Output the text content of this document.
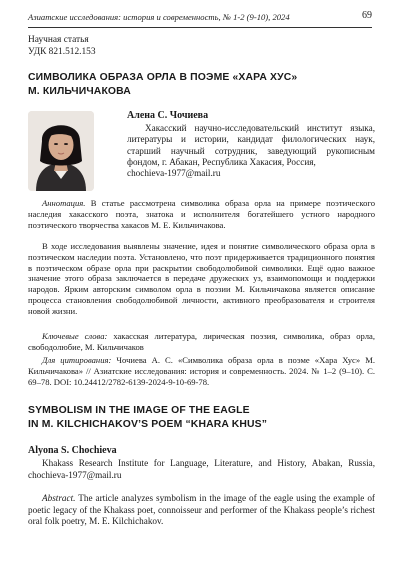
Азиатские исследования: история и современность, № 1-2 (9-10), 2024	69
Научная статья
УДК 821.512.153
СИМВОЛИКА ОБРАЗА ОРЛА В ПОЭМЕ «ХАРА ХУС»
М. КИЛЬЧИЧАКОВА
Алена С. Чочиева
Хакасский научно-исследовательский институт языка, литературы и истории, кандидат филологических наук, старший научный сотрудник, заведующий рукописным фондом, г. Абакан, Республика Хакасия, Россия,
chochieva-1977@mail.ru
Аннотация. В статье рассмотрена символика образа орла на примере поэтического наследия хакасского поэта, знатока и исполнителя богатейшего устного народного поэтического творчества хакасов М. Е. Кильчичакова.
В ходе исследования выявлены значение, идея и понятие символического образа орла в поэтическом наследии поэта. Установлено, что поэт придерживается традиционного понятия в поэтическом образе орла при раскрытии свободолюбивой символики. Ещё одно важное значение этого образа заключается в передаче дружеских уз, взаимопомощи и поддержки народов. Ярким авторским символом орла в поэзии М. Кильчичакова является описание процесса становления свободолюбивой личности, активного преобразователя и строителя новой жизни.
Ключевые слова: хакасская литература, лирическая поэзия, символика, образ орла, свободолюбие, М. Кильчичаков
Для цитирования: Чочиева А. С. «Символика образа орла в поэме «Хара Хус» М. Кильчичакова» // Азиатские исследования: история и современность. 2024. № 1–2 (9–10). С. 69–78. DOI: 10.24412/2782-6139-2024-9-10-69-78.
SYMBOLISM IN THE IMAGE OF THE EAGLE
IN M. KILCHICHAKOV’S POEM “KHARA KHUS”
Alyona S. Chochieva
Khakass Research Institute for Language, Literature, and History, Abakan, Russia, chochieva-1977@mail.ru
Abstract. The article analyzes symbolism in the image of the eagle using the example of poetic legacy of the Khakass poet, connoisseur and performer of the Khakass people’s richest oral folk poetry, M. E. Kilchichakov.
